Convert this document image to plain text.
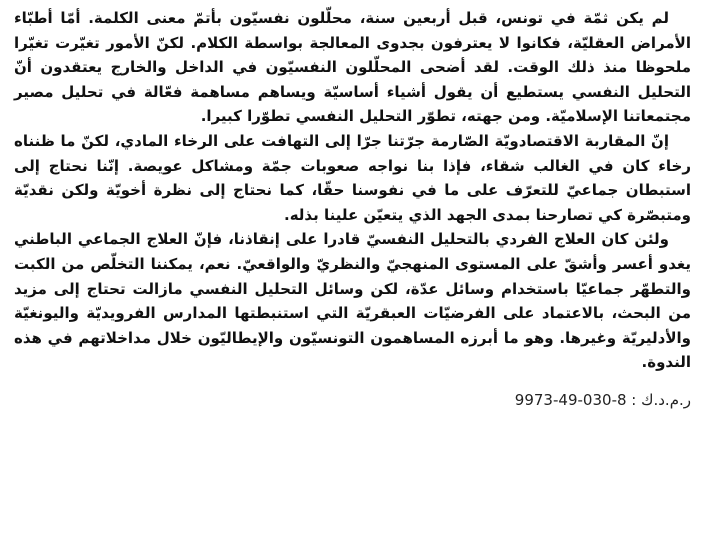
لم يكن ثمّة في تونس، قبل أربعين سنة، محلّلون نفسيّون بأتمّ معنى الكلمة. أمّا أطبّاء الأمراض العقليّة، فكانوا لا يعترفون بجدوى المعالجة بواسطة الكلام. لكنّ الأمور تغيّرت تغيّرا ملحوظا منذ ذلك الوقت. لقد أضحى المحلّلون النفسيّون في الداخل والخارج يعتقدون أنّ التحليل النفسي يستطيع أن يقول أشياء أساسيّة ويساهم مساهمة فعّالة في تحليل مصير مجتمعاتنا الإسلاميّة. ومن جهته، تطوّر التحليل النفسي تطوّرا كبيرا.

إنّ المقاربة الاقتصادويّة الصّارمة جرّتنا جرّا إلى التهافت على الرخاء المادي، لكنّ ما ظنناه رخاء كان في الغالب شقاء، فإذا بنا نواجه صعوبات جمّة ومشاكل عويصة. إنّنا نحتاج إلى استبطان جماعيّ للتعرّف على ما في نفوسنا حقّا، كما نحتاج إلى نظرة أخويّة ولكن نقديّة ومتبصّرة كي تصارحنا بمدى الجهد الذي يتعيّن علينا بذله.

ولئن كان العلاج الفردي بالتحليل النفسيّ قادرا على إنقاذنا، فإنّ العلاج الجماعي الباطني يغدو أعسر وأشقّ على المستوى المنهجيّ والنظريّ والواقعيّ. نعم، يمكننا التخلّص من الكبت والتطهّر جماعيّا باستخدام وسائل عدّة، لكن وسائل التحليل النفسي مازالت تحتاج إلى مزيد من البحث، بالاعتماد على الفرضيّات العبقريّة التي استنبطتها المدارس الفرويديّة واليونغيّة والأدليريّة وغيرها. وهو ما أبرزه المساهمون التونسيّون والإيطاليّون خلال مداخلاتهم في هذه الندوة.

ر.م.د.ك : 8-030-49-9973
